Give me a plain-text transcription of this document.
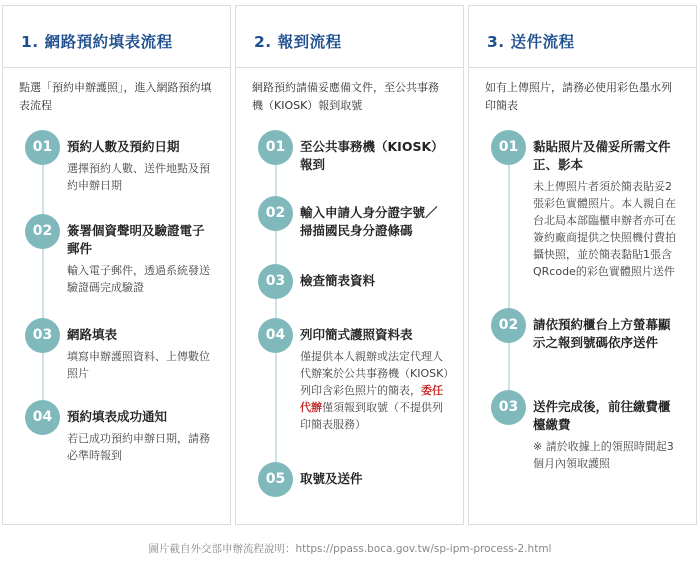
1. 網路預約填表流程
點選「預約申辦護照」，進入網路預約填表流程
01	預約人數及預約日期
選擇預約人數、送件地點及預約申辦日期
02	簽署個資聲明及驗證電子郵件
輸入電子郵件，透過系統發送驗證碼完成驗證
03	網路填表
填寫申辦護照資料、上傳數位照片
04	預約填表成功通知
若已成功預約申辦日期，請務必準時報到
2. 報到流程
網路預約請備妥應備文件，至公共事務機（KIOSK）報到取號
01	至公共事務機（KIOSK）報到
02	輸入申請人身分證字號／掃描國民身分證條碼
03	檢查簡表資料
04	列印簡式護照資料表
僅提供本人親辦或法定代理人代辦案於公共事務機（KIOSK）列印含彩色照片的簡表，委任代辦僅須報到取號（不提供列印簡表服務）
05	取號及送件
3. 送件流程
如有上傳照片，請務必使用彩色墨水列印簡表
01	黏貼照片及備妥所需文件正、影本
未上傳照片者須於簡表貼妥2張彩色實體照片。本人親自在台北局本部臨櫃申辦者亦可在簽約廠商提供之快照機付費拍攝快照，並於簡表黏貼1張含QRcode的彩色實體照片送件
02	請依預約櫃台上方螢幕顯示之報到號碼依序送件
03	送件完成後，前往繳費櫃檯繳費
※ 請於收據上的領照時間起3個月內領取護照
圖片截自外交部申辦流程說明：https://ppass.boca.gov.tw/sp-ipm-process-2.html
